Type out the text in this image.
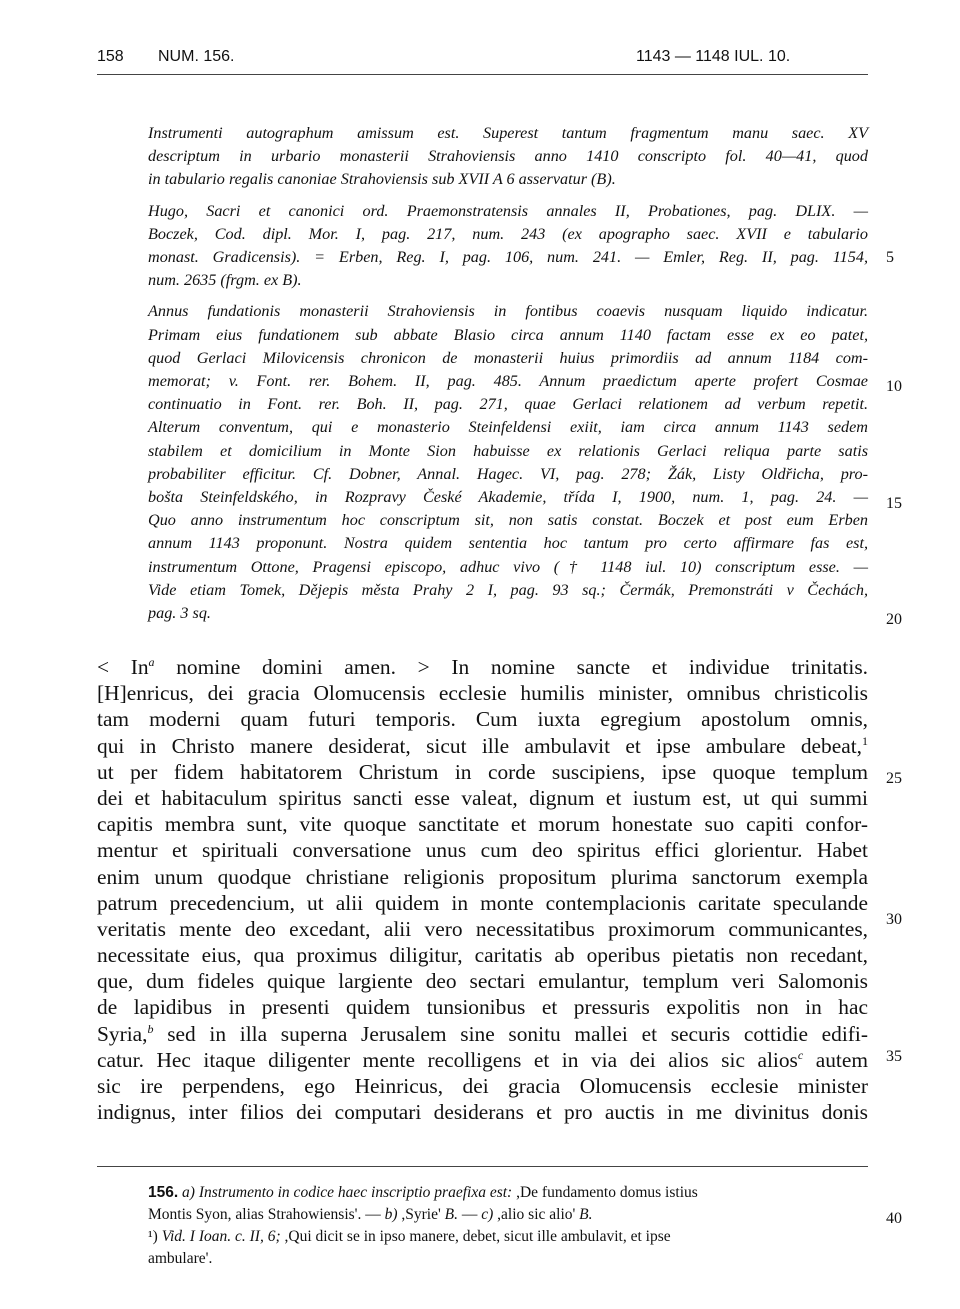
158 NUM. 156.	1143 — 1148 IUL. 10.

Instrumenti autographum amissum est. Superest tantum fragmentum manu saec. XV

descriptum in urbario monasterii Strahoviensis anno 1410 conscripto fol. 40—41, quod

in tabulario regalis canoniae Strahoviensis sub XVII A 6 asservatur (B).

Hugo, Sacri et canonici ord. Praemonstratensis annales II, Probationes, pag. DLIX. —

Boczek, Cod. dipl. Mor. I, pag. 217, num. 243 (ex apographo saec. XVII e tabulario

monast. Gradicensis). = Erben, Reg. I, pag. 106, num. 241. — Emler, Reg. II, pag. 1154,

num. 2635 (frgm. ex B).

Annus fundationis monasterii Strahoviensis in fontibus coaevis nusquam liquido indicatur.

Primam eius fundationem sub abbate Blasio circa annum 1140 factam esse ex eo patet,

quod Gerlaci Milovicensis chronicon de monasterii huius primordiis ad annum 1184 com-

memorat; v. Font. rer. Bohem. II, pag. 485. Annum praedictum aperte profert Cosmae

continuatio in Font. rer. Boh. II, pag. 271, quae Gerlaci relationem ad verbum repetit.

Alterum conventum, qui e monasterio Steinfeldensi exiit, iam circa annum 1143 sedem

stabilem et domicilium in Monte Sion habuisse ex relationis Gerlaci reliqua parte satis

probabiliter efficitur. Cf. Dobner, Annal. Hagec. VI, pag. 278; Žák, Listy Oldřicha, pro-

bošta Steinfeldského, in Rozpravy České Akademie, třída I, 1900, num. 1, pag. 24. —

Quo anno instrumentum hoc conscriptum sit, non satis constat. Boczek et post eum Erben

annum 1143 proponunt. Nostra quidem sententia hoc tantum pro certo affirmare fas est,

instrumentum Ottone, Pragensi episcopo, adhuc vivo († 1148 iul. 10) conscriptum esse. —

Vide etiam Tomek, Dějepis města Prahy 2 I, pag. 93 sq.; Čermák, Premonstráti v Čechách,

pag. 3 sq.

< $In^a$ nomine domini amen. > In nomine sancte et individue trinitatis.
[H]enricus, dei gracia Olomucensis ecclesie humilis minister, omnibus christicolis
tam moderni quam futuri temporis. Cum iuxta egregium apostolum omnis,
qui in Christo manere desiderat, sicut ille ambulavit et ipse ambulare debeat,$^1$
ut per fidem habitatorem Christum in corde suscipiens, ipse quoque templum
dei et habitaculum spiritus sancti esse valeat, dignum et iustum est, ut qui summi
capitis membra sunt, vite quoque sanctitate et morum honestate suo capiti confor-
mentur et spirituali conversatione unus cum deo spiritus effici glorientur. Habet
enim unum quodque christiane religionis propositum plurima sanctorum exempla
patrum precedencium, ut alii quidem in monte contemplacionis caritate speculande
veritatis mente deo excedant, alii vero necessitatibus proximorum communicantes,
necessitate eius, qua proximus diligitur, caritatis ab operibus pietatis non recedant,
que, dum fideles quique largiente deo sectari emulantur, templum veri Salomonis
de lapidibus in presenti quidem tunsionibus et pressuris expolitis non in hac
Syria,$^b$ sed in illa superna Jerusalem sine sonitu mallei et securis cottidie edifi-
catur. Hec itaque diligenter mente recolligens et in via dei alios sic alios$^c$ autem
sic ire perpendens, ego Heinricus, dei gracia Olomucensis ecclesie minister
indignus, inter filios dei computari desiderans et pro auctis in me divinitus donis
5
10
15
20
25
30
35
40

156. a) Instrumento in codice haec inscriptio praefixa est: ,De fundamento domus istius

Montis Syon, alias Strahowiensis'. — b) ,Syrie' B. — c) ,alio sic alio' B.

¹) Vid. I Ioan. c. II, 6; ,Qui dicit se in ipso manere, debet, sicut ille ambulavit, et ipse

ambulare'.
